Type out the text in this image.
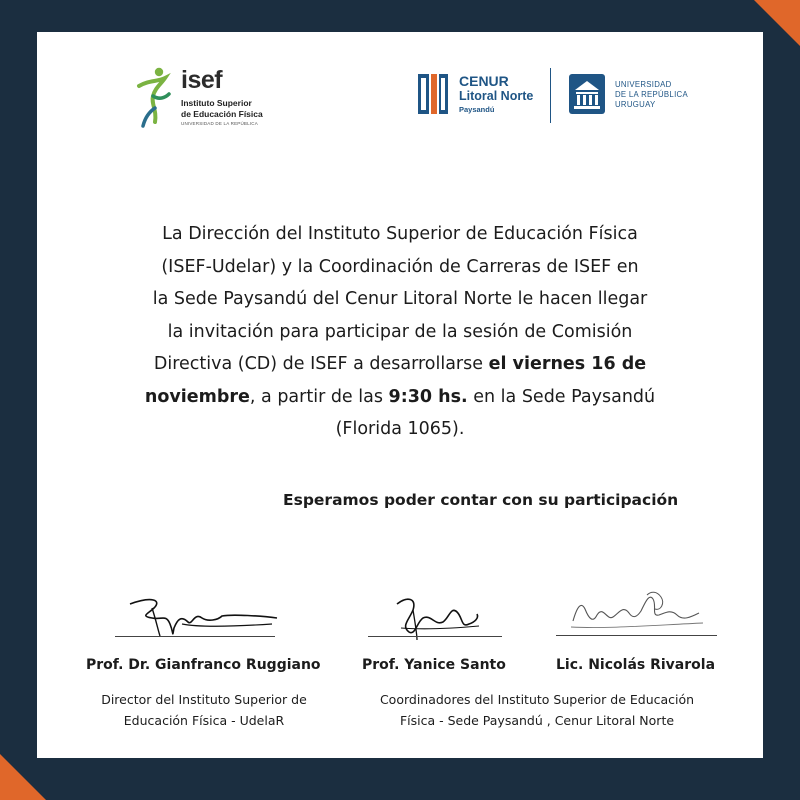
isef
Instituto Superior
de Educación Física
UNIVERSIDAD DE LA REPÚBLICA
CENUR
Litoral Norte
Paysandú
UNIVERSIDAD
DE LA REPÚBLICA
URUGUAY
La Dirección del Instituto Superior de Educación Física
(ISEF-Udelar) y la Coordinación de Carreras de ISEF en
la Sede Paysandú del Cenur Litoral Norte le hacen llegar
la invitación para participar de la sesión de Comisión
Directiva (CD) de ISEF a desarrollarse el viernes 16 de
noviembre, a partir de las 9:30 hs. en la Sede Paysandú
(Florida 1065).
Esperamos poder contar con su participación
Prof. Dr. Gianfranco Ruggiano	Prof. Yanice Santo	Lic. Nicolás Rivarola
Director del Instituto Superior de
Educación Física - UdelaR
Coordinadores del Instituto Superior de Educación
Física - Sede Paysandú , Cenur Litoral Norte
